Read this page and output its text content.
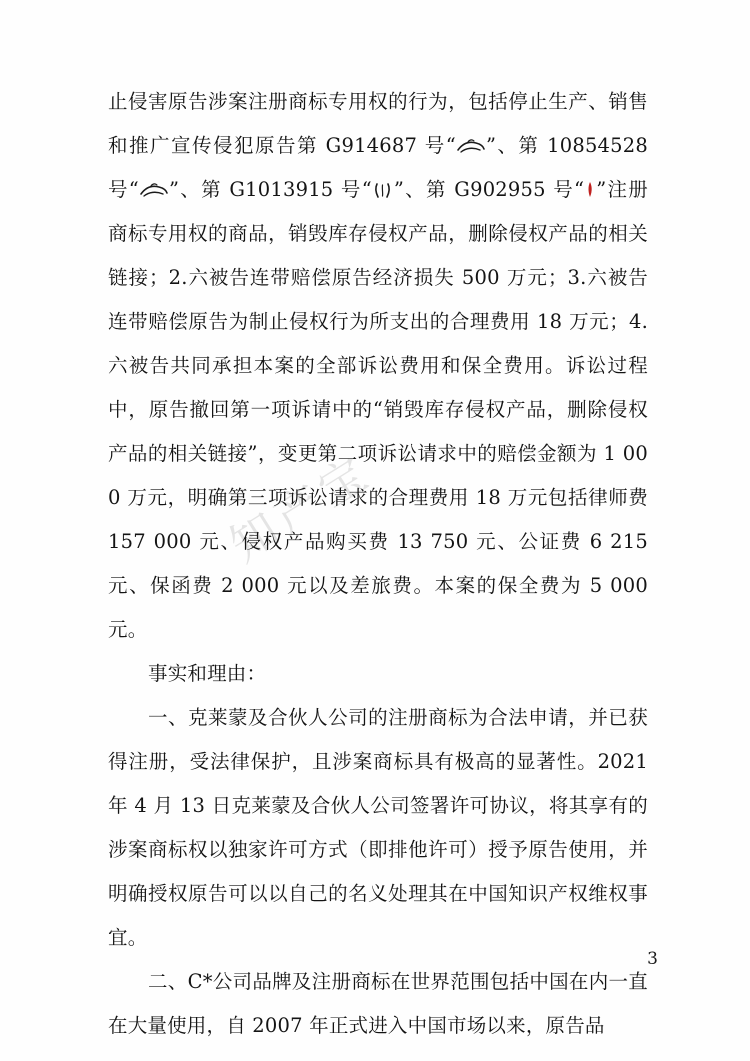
知产宝

止侵害原告涉案注册商标专用权的行为，包括停止生产、销售和推广宣传侵犯原告第 G914687 号“ ”、第 10854528 号“ ”、第 G1013915 号“ ”、第 G902955 号“ ”注册商标专用权的商品，销毁库存侵权产品，删除侵权产品的相关链接；2.六被告连带赔偿原告经济损失 500 万元；3.六被告连带赔偿原告为制止侵权行为所支出的合理费用 18 万元；4.六被告共同承担本案的全部诉讼费用和保全费用。诉讼过程中，原告撤回第一项诉请中的“销毁库存侵权产品，删除侵权产品的相关链接”，变更第二项诉讼请求中的赔偿金额为 1 000 万元，明确第三项诉讼请求的合理费用 18 万元包括律师费 157 000 元、侵权产品购买费 13 750 元、公证费 6 215 元、保函费 2 000 元以及差旅费。本案的保全费为 5 000 元。

事实和理由：

一、克莱蒙及合伙人公司的注册商标为合法申请，并已获得注册，受法律保护，且涉案商标具有极高的显著性。2021 年 4 月 13 日克莱蒙及合伙人公司签署许可协议，将其享有的涉案商标权以独家许可方式（即排他许可）授予原告使用，并明确授权原告可以以自己的名义处理其在中国知识产权维权事宜。

二、C*公司品牌及注册商标在世界范围包括中国在内一直在大量使用，自 2007 年正式进入中国市场以来，原告品

3
